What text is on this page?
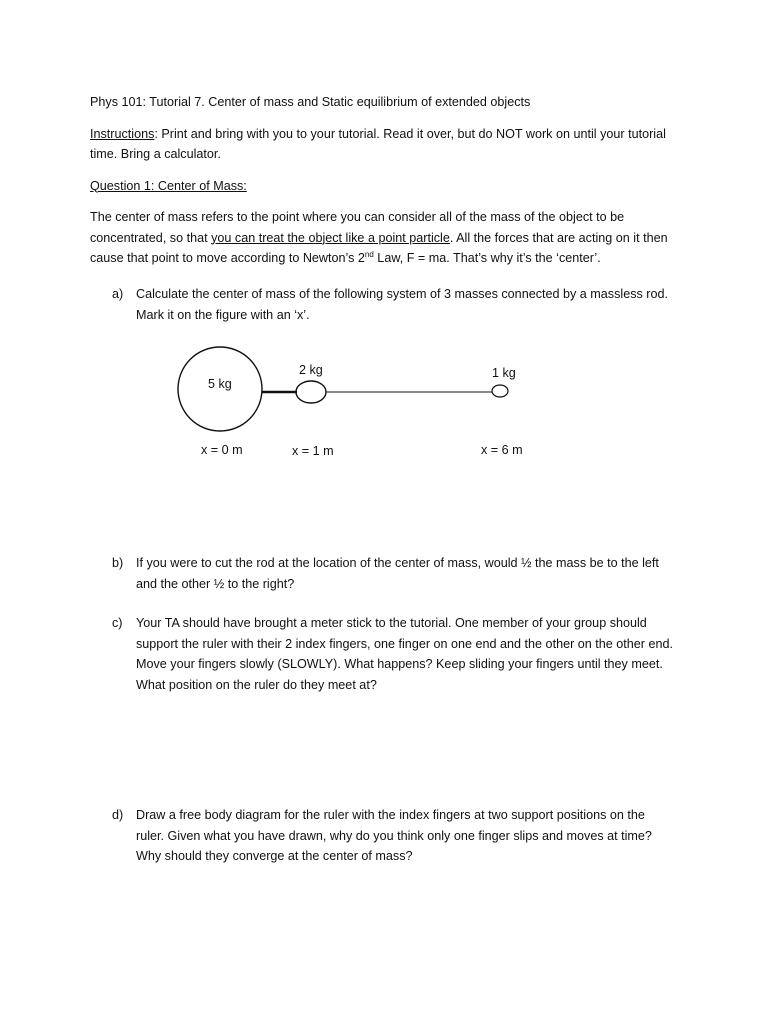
Phys 101: Tutorial 7. Center of mass and Static equilibrium of extended objects

Instructions: Print and bring with you to your tutorial. Read it over, but do NOT work on until your tutorial time. Bring a calculator.

Question 1: Center of Mass:

The center of mass refers to the point where you can consider all of the mass of the object to be concentrated, so that you can treat the object like a point particle. All the forces that are acting on it then cause that point to move according to Newton’s 2nd Law, F = ma. That’s why it’s the ‘center’.

a) Calculate the center of mass of the following system of 3 masses connected by a massless rod. Mark it on the figure with an ‘x’.
5 kg
2 kg	1 kg
x = 0 m	x = 1 m	x = 6 m
b) If you were to cut the rod at the location of the center of mass, would ½ the mass be to the left and the other ½ to the right?
c) Your TA should have brought a meter stick to the tutorial. One member of your group should support the ruler with their 2 index fingers, one finger on one end and the other on the other end. Move your fingers slowly (SLOWLY). What happens? Keep sliding your fingers until they meet. What position on the ruler do they meet at?
d) Draw a free body diagram for the ruler with the index fingers at two support positions on the ruler. Given what you have drawn, why do you think only one finger slips and moves at time? Why should they converge at the center of mass?
